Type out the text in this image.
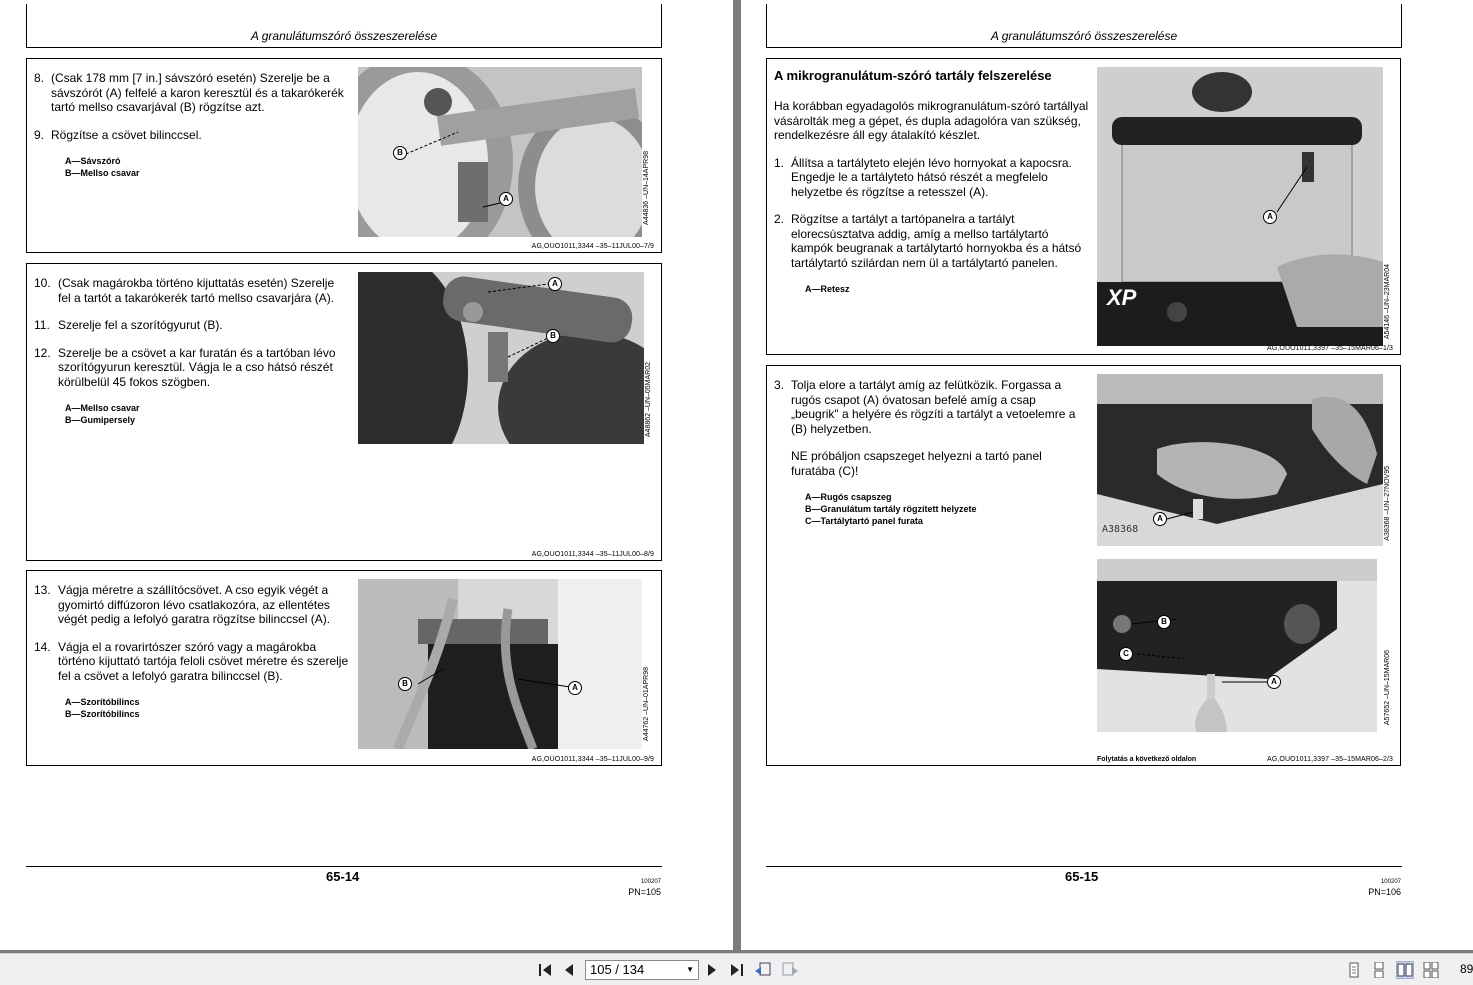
A granulátumszóró összeszerelése
8. (Csak 178 mm [7 in.] sávszóró esetén) Szerelje be a sávszórót (A) felfelé a karon keresztül és a takarókerék tartó mellso csavarjával (B) rögzítse azt.
9. Rögzítse a csövet bilinccsel.
A—Sávszóró
B—Mellso csavar
B
A	A44836 –UN–14APR98
AG,OUO1011,3344 –35–11JUL00–7/9
10. (Csak magárokba történo kijuttatás esetén) Szerelje fel a tartót a takarókerék tartó mellso csavarjára (A).
11. Szerelje fel a szorítógyurut (B).
12. Szerelje be a csövet a kar furatán és a tartóban lévo szorítógyurun keresztül. Vágja le a cso hátsó részét körülbelül 45 fokos szögben.
A—Mellso csavar
B—Gumipersely
A
B
A48862 –UN–05MAR02
AG,OUO1011,3344 –35–11JUL00–8/9
13. Vágja méretre a szállítócsövet. A cso egyik végét a gyomirtó diffúzoron lévo csatlakozóra, az ellentétes végét pedig a lefolyó garatra rögzítse bilinccsel (A).
14. Vágja el a rovarirtószer szóró vagy a magárokba történo kijuttató tartója feloli csövet méretre és szerelje fel a csövet a lefolyó garatra bilinccsel (B).
A—Szorítóbilincs
B—Szorítóbilincs
B	A	A44762 –UN–01APR98
AG,OUO1011,3344 –35–11JUL00–9/9
65-14	100207
PN=105
A granulátumszóró összeszerelése
A mikrogranulátum-szóró tartály felszerelése
Ha korábban egyadagolós mikrogranulátum-szóró tartállyal vásárolták meg a gépet, és dupla adagolóra van szükség, rendelkezésre áll egy átalakító készlet.
1. Állítsa a tartályteto elején lévo hornyokat a kapocsra. Engedje le a tartályteto hátsó részét a megfelelo helyzetbe és rögzítse a retesszel (A).
2. Rögzítse a tartályt a tartópanelra a tartályt elorecsúsztatva addig, amíg a mellso tartálytartó kampók beugranak a tartálytartó hornyokba és a hátsó tartálytartó szilárdan nem ül a tartálytartó panelen.
A—Retesz	XP
A
A54146 –UN–23MAR04
AG,OUO1011,3397 –35–15MAR06–1/3
3. Tolja elore a tartályt amíg az felütközik. Forgassa a rugós csapot (A) óvatosan befelé amíg a csap „beugrik" a helyére és rögzíti a tartályt a vetoelemre a (B) helyzetben.
NE próbáljon csapszeget helyezni a tartó panel furatába (C)!
A—Rugós csapszeg
B—Granulátum tartály rögzített helyzete
C—Tartálytartó panel furata
A38368
A	A38368 –UN–27NOV95
B
C
A	A57652 –UN–15MAR06
Folytatás a következő oldalon	AG,OUO1011,3397 –35–15MAR06–2/3
65-15	100207
PN=106
105 / 134	▼	89
